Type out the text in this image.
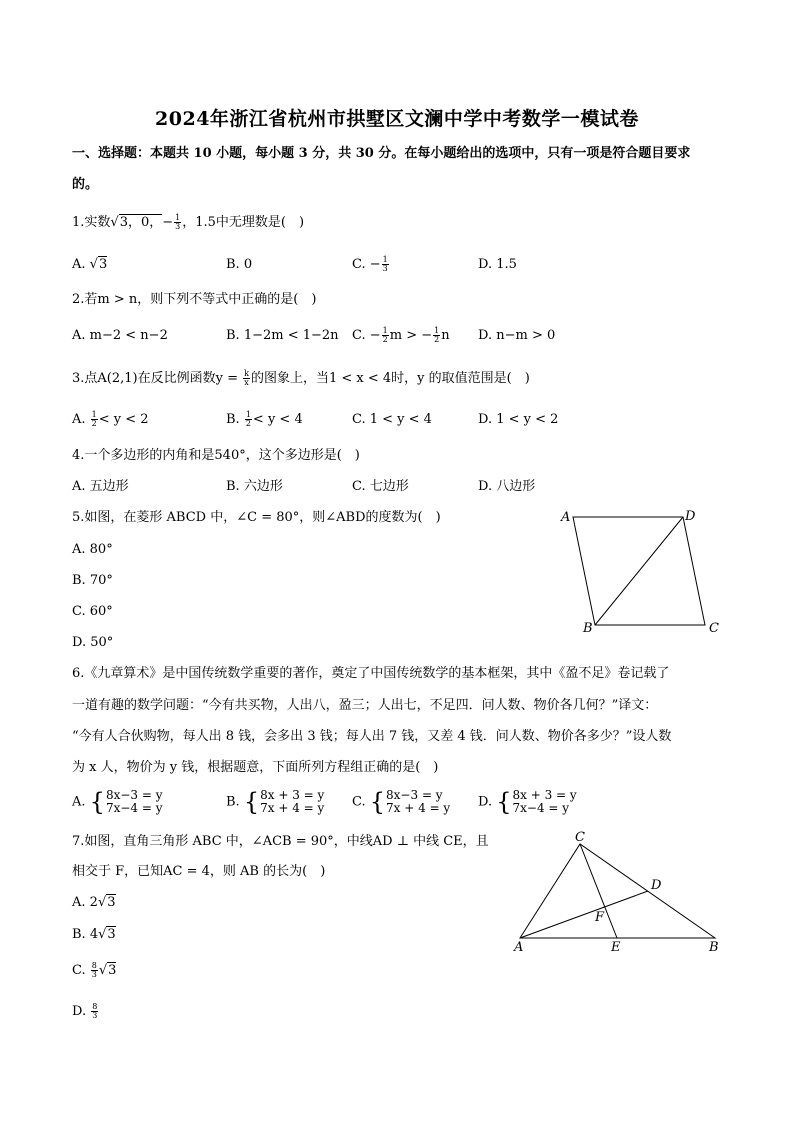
2024年浙江省杭州市拱墅区文澜中学中考数学一模试卷
一、选择题：本题共 10 小题，每小题 3 分，共 30 分。在每小题给出的选项中，只有一项是符合题目要求
的。
1.实数√3，0，− $\frac{1}{3}$ ，1.5中无理数是(　)
A. √3	B. 0	C. − $\frac{1}{3}$	D. 1.5
2.若m > n，则下列不等式中正确的是(　)
A. m−2 < n−2	B. 1−2m < 1−2n C. − $\frac{1}{2}$ m > − $\frac{1}{2}$ n D. n−m > 0
3.点A(2,1)在反比例函数$y = \frac{k}{x}$ 的图象上，当1 < x < 4时，y 的取值范围是(　)
A. $\frac{1}{2} < y < 2$	B. $\frac{1}{2} < y < 4$	C. 1 < y < 4	D. 1 < y < 2
4.一个多边形的内角和是540°，这个多边形是(　)
A. 五边形	B. 六边形	C. 七边形	D. 八边形
5.如图，在菱形 ABCD 中，∠C = 80°，则∠ABD的度数为(　)
A. 80°
B. 70°
C. 60°
D. 50°
A	D
B	C
6.《九章算术》是中国传统数学重要的著作，奠定了中国传统数学的基本框架，其中《盈不足》卷记载了
一道有趣的数学问题：“今有共买物，人出八，盈三；人出七，不足四．问人数、物价各几何？”译文：
“今有人合伙购物，每人出 8 钱，会多出 3 钱；每人出 7 钱，又差 4 钱．问人数、物价各多少？”设人数
为 x 人，物价为 y 钱，根据题意，下面所列方程组正确的是(　)
A. { 8x−3 = y
7x−4 = y	B. { 8x + 3 = y
7x + 4 = y C. { 8x−3 = y
7x + 4 = y D. { 8x + 3 = y
7x−4 = y
7.如图，直角三角形 ABC 中，∠ACB = 90°，中线AD ⊥ 中线 CE，且
相交于 F，已知AC = 4，则 AB 的长为(　)
A. 2√3
B. 4√3
C. $\frac{8}{3} √3$
D. $\frac{8}{3}$
C
D
F
A	E	B
